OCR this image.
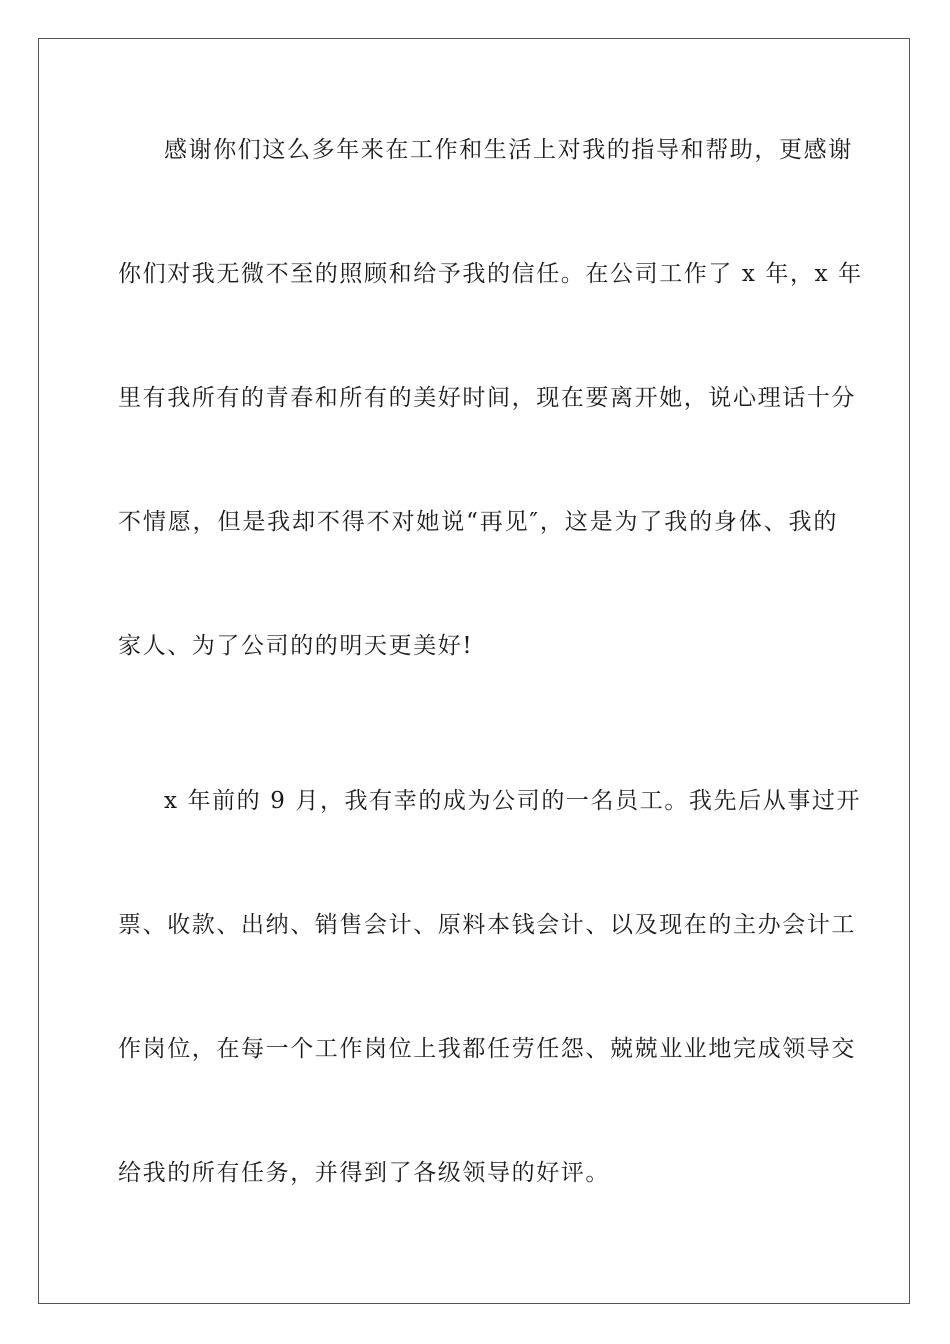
感谢你们这么多年来在工作和生活上对我的指导和帮助，更感谢
你们对我无微不至的照顾和给予我的信任。在公司工作了 x 年，x 年
里有我所有的青春和所有的美好时间，现在要离开她，说心理话十分
不情愿，但是我却不得不对她说“再见″，这是为了我的身体、我的
家人、为了公司的的明天更美好!
x 年前的 9 月，我有幸的成为公司的一名员工。我先后从事过开
票、收款、出纳、销售会计、原料本钱会计、以及现在的主办会计工
作岗位，在每一个工作岗位上我都任劳任怨、兢兢业业地完成领导交
给我的所有任务，并得到了各级领导的好评。
